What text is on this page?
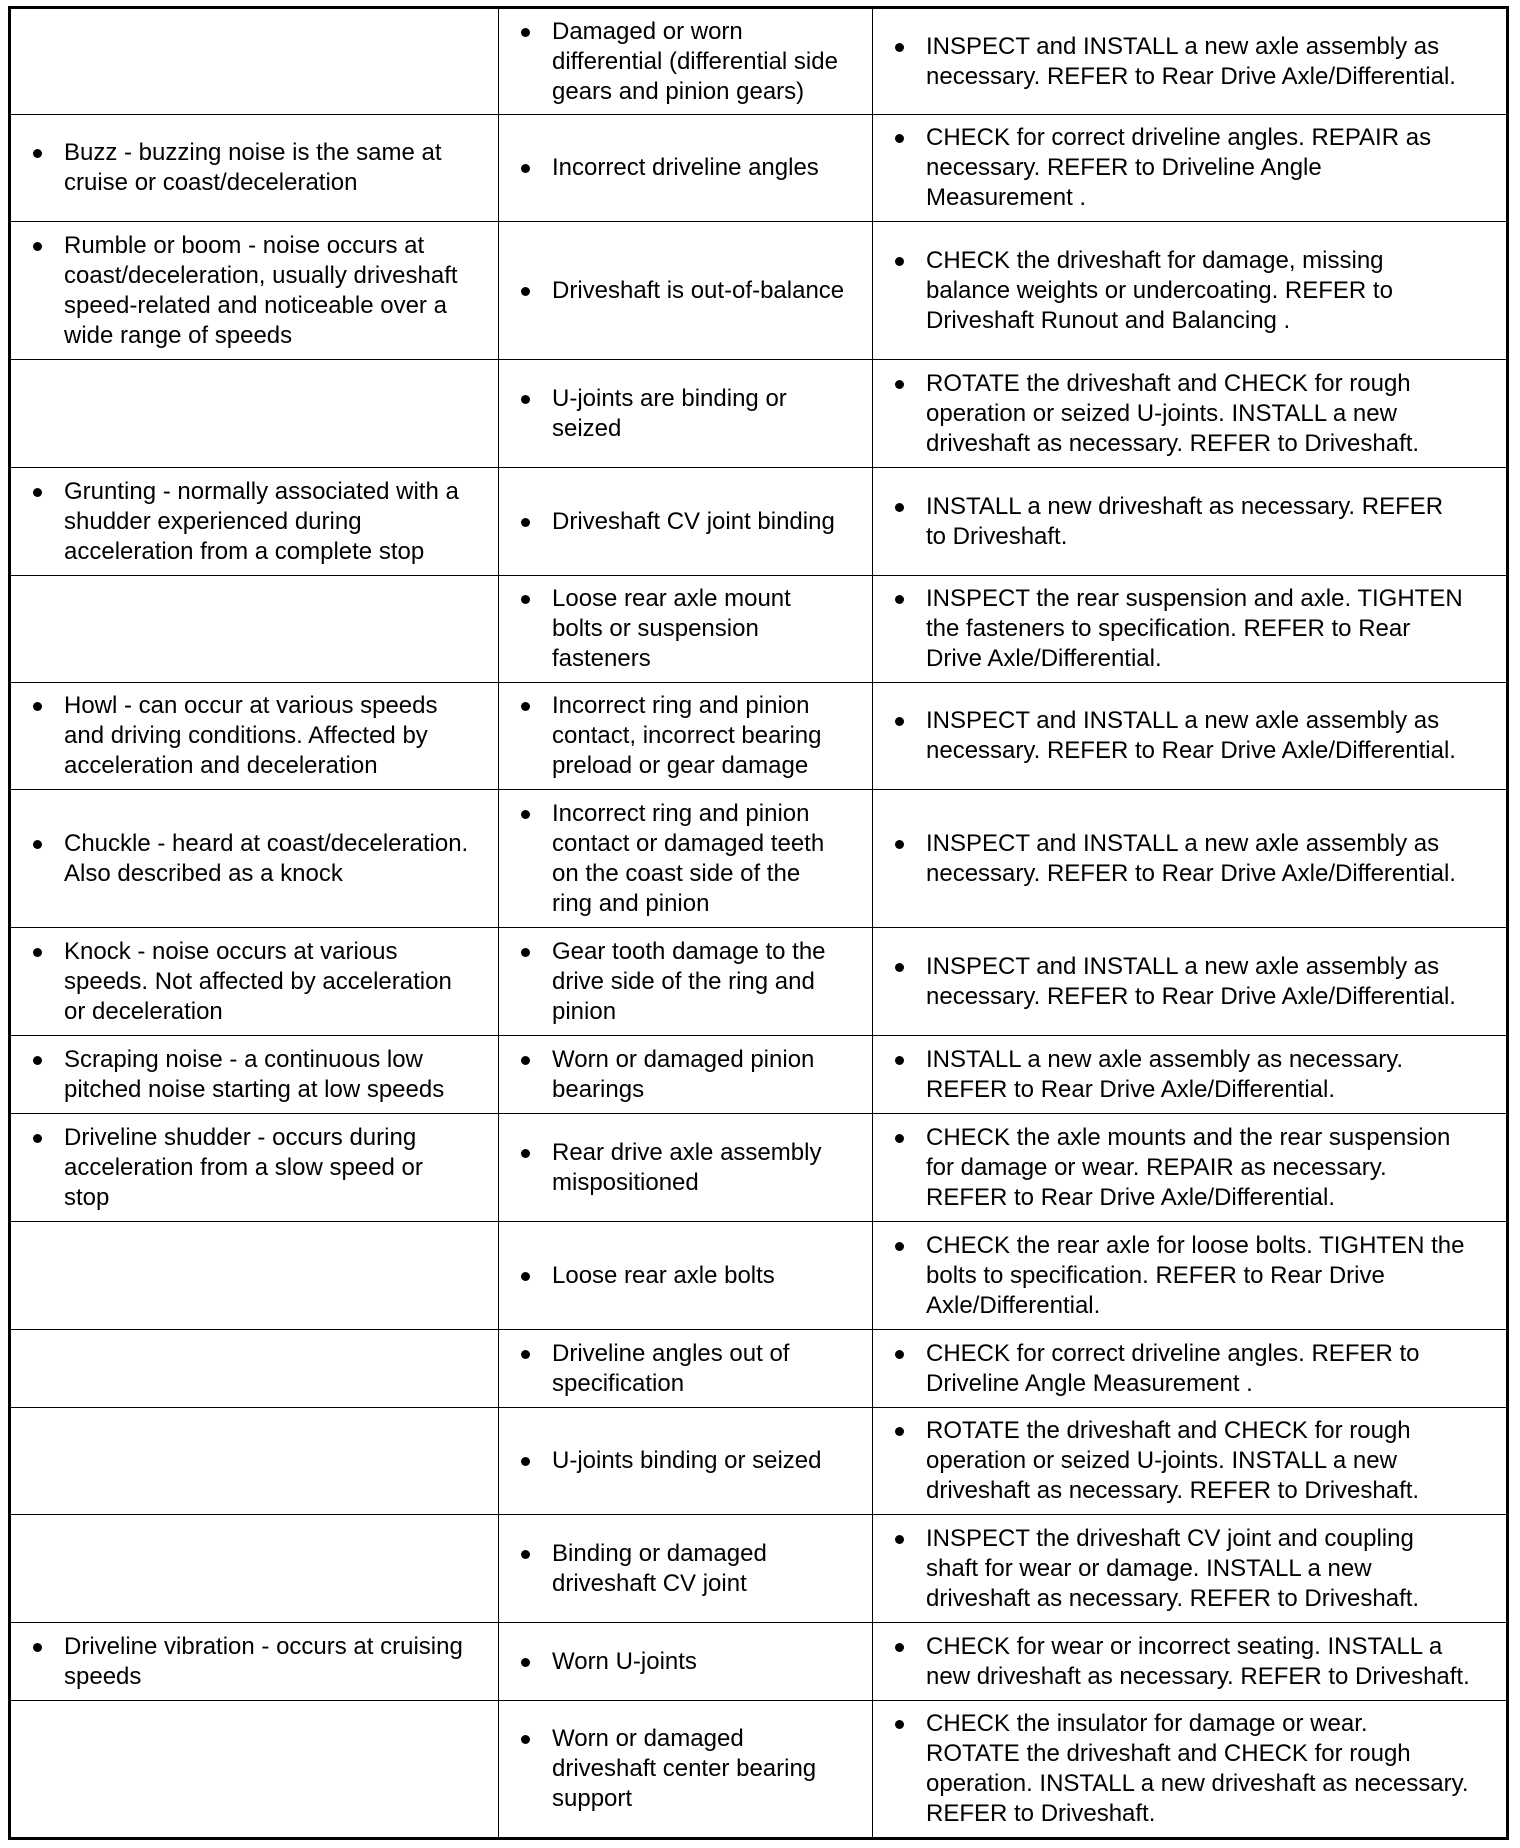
	Damaged or worn
differential (differential side
gears and pinion gears)	INSPECT and INSTALL a new axle assembly as
necessary. REFER to Rear Drive Axle/Differential.

Buzz - buzzing noise is the same at
cruise or coast/deceleration	Incorrect driveline angles	CHECK for correct driveline angles. REPAIR as
necessary. REFER to Driveline Angle
Measurement .

Rumble or boom - noise occurs at
coast/deceleration, usually driveshaft
speed-related and noticeable over a
wide range of speeds	Driveshaft is out-of-balance	CHECK the driveshaft for damage, missing
balance weights or undercoating. REFER to
Driveshaft Runout and Balancing .

	U-joints are binding or
seized	ROTATE the driveshaft and CHECK for rough
operation or seized U-joints. INSTALL a new
driveshaft as necessary. REFER to Driveshaft.

Grunting - normally associated with a
shudder experienced during
acceleration from a complete stop	Driveshaft CV joint binding	INSTALL a new driveshaft as necessary. REFER
to Driveshaft.

	Loose rear axle mount
bolts or suspension
fasteners	INSPECT the rear suspension and axle. TIGHTEN
the fasteners to specification. REFER to Rear
Drive Axle/Differential.

Howl - can occur at various speeds
and driving conditions. Affected by
acceleration and deceleration	Incorrect ring and pinion
contact, incorrect bearing
preload or gear damage	INSPECT and INSTALL a new axle assembly as
necessary. REFER to Rear Drive Axle/Differential.

Chuckle - heard at coast/deceleration.
Also described as a knock	Incorrect ring and pinion
contact or damaged teeth
on the coast side of the
ring and pinion	INSPECT and INSTALL a new axle assembly as
necessary. REFER to Rear Drive Axle/Differential.

Knock - noise occurs at various
speeds. Not affected by acceleration
or deceleration	Gear tooth damage to the
drive side of the ring and
pinion	INSPECT and INSTALL a new axle assembly as
necessary. REFER to Rear Drive Axle/Differential.

Scraping noise - a continuous low
pitched noise starting at low speeds	Worn or damaged pinion
bearings	INSTALL a new axle assembly as necessary.
REFER to Rear Drive Axle/Differential.

Driveline shudder - occurs during
acceleration from a slow speed or
stop	Rear drive axle assembly
mispositioned	CHECK the axle mounts and the rear suspension
for damage or wear. REPAIR as necessary.
REFER to Rear Drive Axle/Differential.

	Loose rear axle bolts	CHECK the rear axle for loose bolts. TIGHTEN the
bolts to specification. REFER to Rear Drive
Axle/Differential.

	Driveline angles out of
specification	CHECK for correct driveline angles. REFER to
Driveline Angle Measurement .

	U-joints binding or seized	ROTATE the driveshaft and CHECK for rough
operation or seized U-joints. INSTALL a new
driveshaft as necessary. REFER to Driveshaft.

	Binding or damaged
driveshaft CV joint	INSPECT the driveshaft CV joint and coupling
shaft for wear or damage. INSTALL a new
driveshaft as necessary. REFER to Driveshaft.

Driveline vibration - occurs at cruising
speeds	Worn U-joints	CHECK for wear or incorrect seating. INSTALL a
new driveshaft as necessary. REFER to Driveshaft.

	Worn or damaged
driveshaft center bearing
support	CHECK the insulator for damage or wear.
ROTATE the driveshaft and CHECK for rough
operation. INSTALL a new driveshaft as necessary.
REFER to Driveshaft.
